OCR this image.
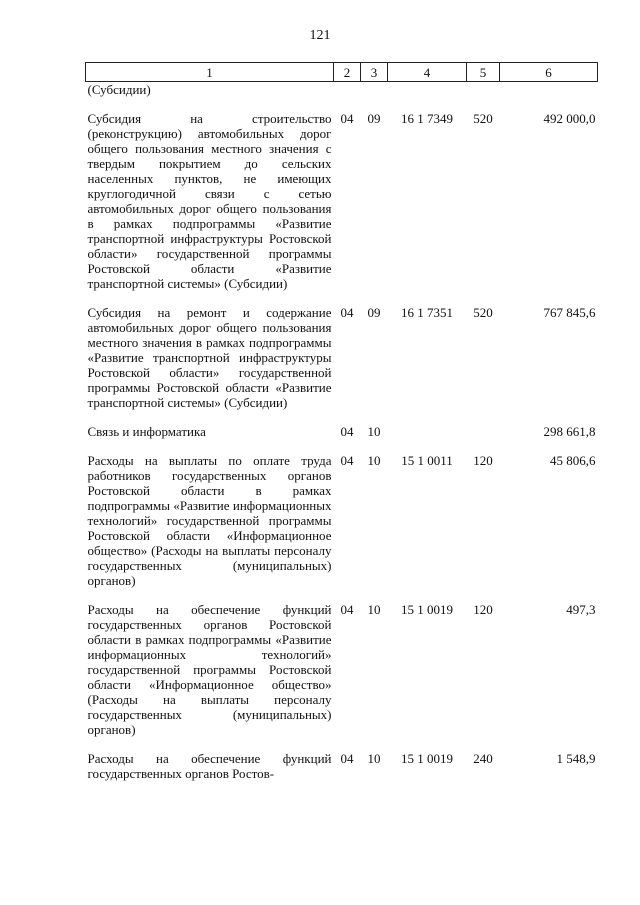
121
1	2	3	4	5	6
(Субсидии)					
Субсидия на строительство (реконструкцию) автомобильных дорог общего пользования местного значения с твердым покрытием до сельских населенных пунктов, не имеющих круглогодичной связи с сетью автомобильных дорог общего пользования в рамках подпрограммы «Развитие транспортной инфраструктуры Ростовской области» государственной программы Ростовской области «Развитие транспортной системы» (Субсидии)	04	09	16 1 7349	520	492 000,0
Субсидия на ремонт и содержание автомобильных дорог общего пользования местного значения в рамках подпрограммы «Развитие транспортной инфраструктуры Ростовской области» государственной программы Ростовской области «Развитие транспортной системы» (Субсидии)	04	09	16 1 7351	520	767 845,6
Связь и информатика	04	10			298 661,8
Расходы на выплаты по оплате труда работников государственных органов Ростовской области в рамках подпрограммы «Развитие информационных технологий» государственной программы Ростовской области «Информационное общество» (Расходы на выплаты персоналу государственных (муниципальных) органов)	04	10	15 1 0011	120	45 806,6
Расходы на обеспечение функций государственных органов Ростовской области в рамках подпрограммы «Развитие информационных технологий» государственной программы Ростовской области «Информационное общество» (Расходы на выплаты персоналу государственных (муниципальных) органов)	04	10	15 1 0019	120	497,3
Расходы на обеспечение функций государственных органов Ростов-	04	10	15 1 0019	240	1 548,9
